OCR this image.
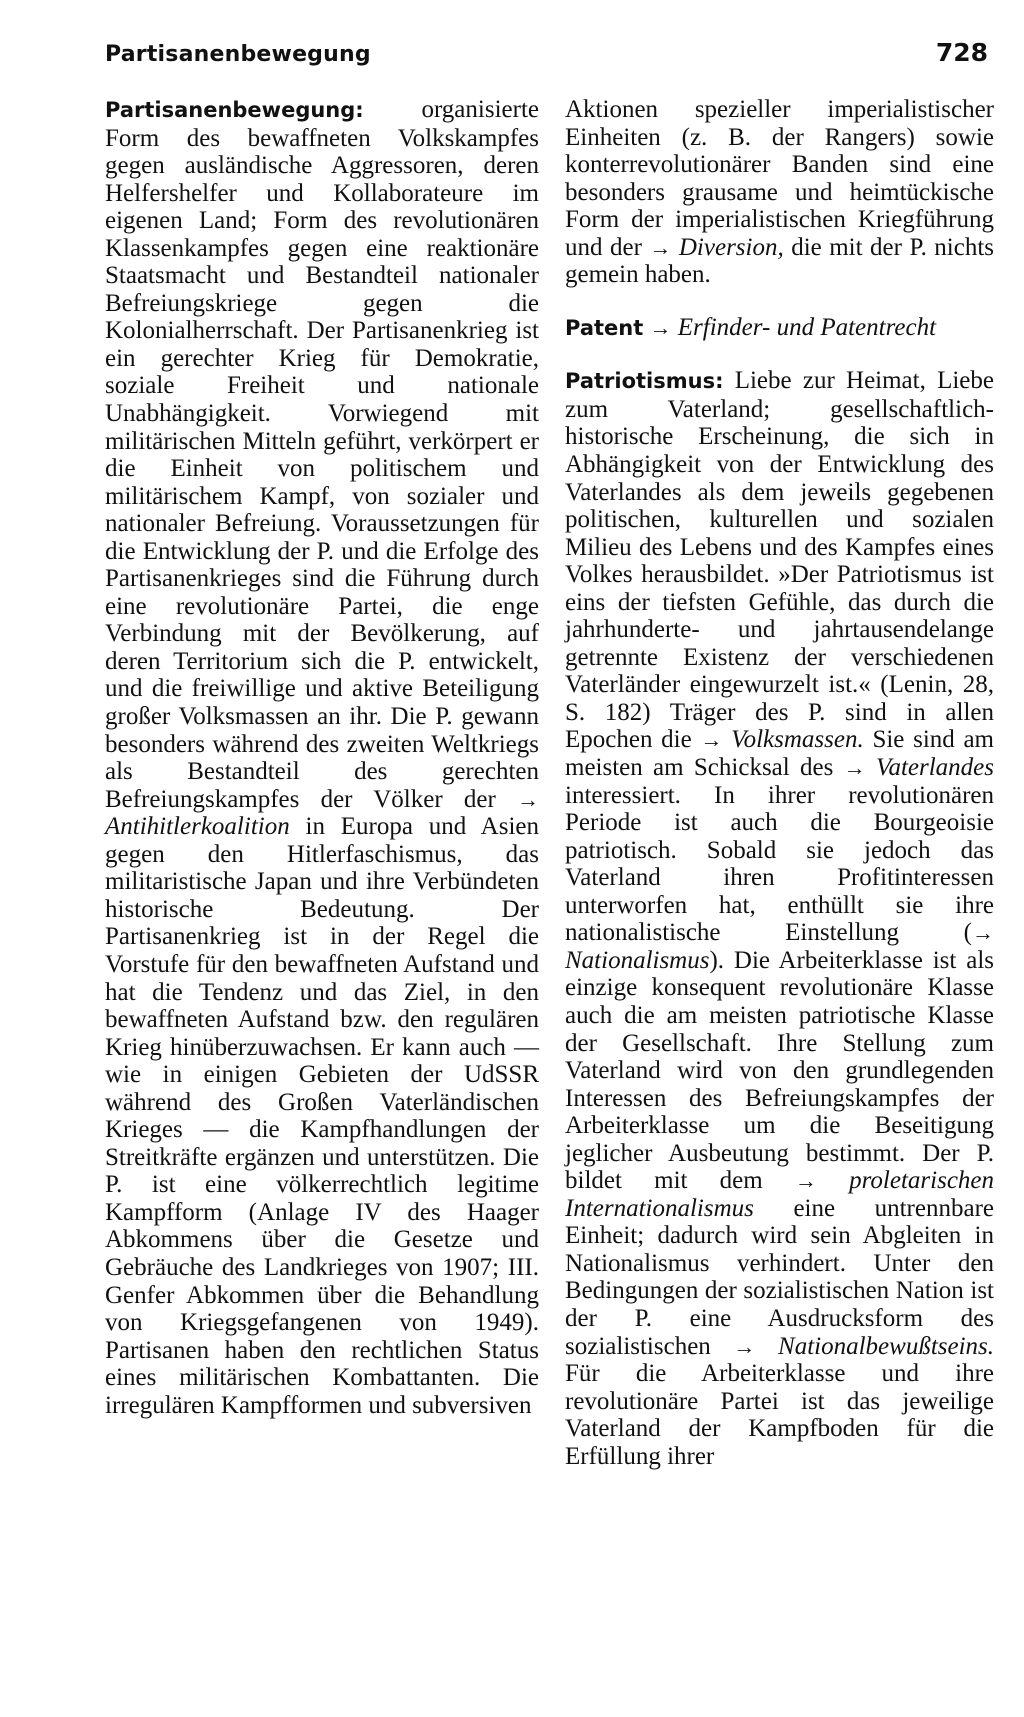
Partisanenbewegung	728

Partisanenbewegung: organisierte Form des bewaffneten Volkskampfes gegen ausländische Aggressoren, deren Helfershelfer und Kollaborateure im eigenen Land; Form des revolutionären Klassenkampfes gegen eine reaktionäre Staatsmacht und Bestandteil nationaler Befreiungskriege gegen die Kolonialherrschaft. Der Partisanenkrieg ist ein gerechter Krieg für Demokratie, soziale Freiheit und nationale Unabhängigkeit. Vorwiegend mit militärischen Mitteln geführt, verkörpert er die Einheit von politischem und militärischem Kampf, von sozialer und nationaler Befreiung. Voraussetzungen für die Entwicklung der P. und die Erfolge des Partisanenkrieges sind die Führung durch eine revolutionäre Partei, die enge Verbindung mit der Bevölkerung, auf deren Territorium sich die P. entwickelt, und die freiwillige und aktive Beteiligung großer Volksmassen an ihr. Die P. gewann besonders während des zweiten Weltkriegs als Bestandteil des gerechten Befreiungskampfes der Völker der → Antihitlerkoalition in Europa und Asien gegen den Hitlerfaschismus, das militaristische Japan und ihre Verbündeten historische Bedeutung. Der Partisanenkrieg ist in der Regel die Vorstufe für den bewaffneten Aufstand und hat die Tendenz und das Ziel, in den bewaffneten Aufstand bzw. den regulären Krieg hinüberzuwachsen. Er kann auch — wie in einigen Gebieten der UdSSR während des Großen Vaterländischen Krieges — die Kampfhandlungen der Streitkräfte ergänzen und unterstützen. Die P. ist eine völkerrechtlich legitime Kampfform (Anlage IV des Haager Abkommens über die Gesetze und Gebräuche des Landkrieges von 1907; III. Genfer Abkommen über die Behandlung von Kriegsgefangenen von 1949). Partisanen haben den rechtlichen Status eines militärischen Kombattanten. Die irregulären Kampfformen und subversiven

Aktionen spezieller imperialistischer Einheiten (z. B. der Rangers) sowie konterrevolutionärer Banden sind eine besonders grausame und heimtückische Form der imperialistischen Kriegführung und der → Diversion, die mit der P. nichts gemein haben.

Patent → Erfinder- und Patentrecht

Patriotismus: Liebe zur Heimat, Liebe zum Vaterland; gesellschaftlich-historische Erscheinung, die sich in Abhängigkeit von der Entwicklung des Vaterlandes als dem jeweils gegebenen politischen, kulturellen und sozialen Milieu des Lebens und des Kampfes eines Volkes herausbildet. »Der Patriotismus ist eins der tiefsten Gefühle, das durch die jahrhunderte- und jahrtausendelange getrennte Existenz der verschiedenen Vaterländer eingewurzelt ist.« (Lenin, 28, S. 182) Träger des P. sind in allen Epochen die → Volksmassen. Sie sind am meisten am Schicksal des → Vaterlandes interessiert. In ihrer revolutionären Periode ist auch die Bourgeoisie patriotisch. Sobald sie jedoch das Vaterland ihren Profitinteressen unterworfen hat, enthüllt sie ihre nationalistische Einstellung (→ Nationalismus). Die Arbeiterklasse ist als einzige konsequent revolutionäre Klasse auch die am meisten patriotische Klasse der Gesellschaft. Ihre Stellung zum Vaterland wird von den grundlegenden Interessen des Befreiungskampfes der Arbeiterklasse um die Beseitigung jeglicher Ausbeutung bestimmt. Der P. bildet mit dem → proletarischen Internationalismus eine untrennbare Einheit; dadurch wird sein Abgleiten in Nationalismus verhindert. Unter den Bedingungen der sozialistischen Nation ist der P. eine Ausdrucksform des sozialistischen → Nationalbewußtseins. Für die Arbeiterklasse und ihre revolutionäre Partei ist das jeweilige Vaterland der Kampfboden für die Erfüllung ihrer
